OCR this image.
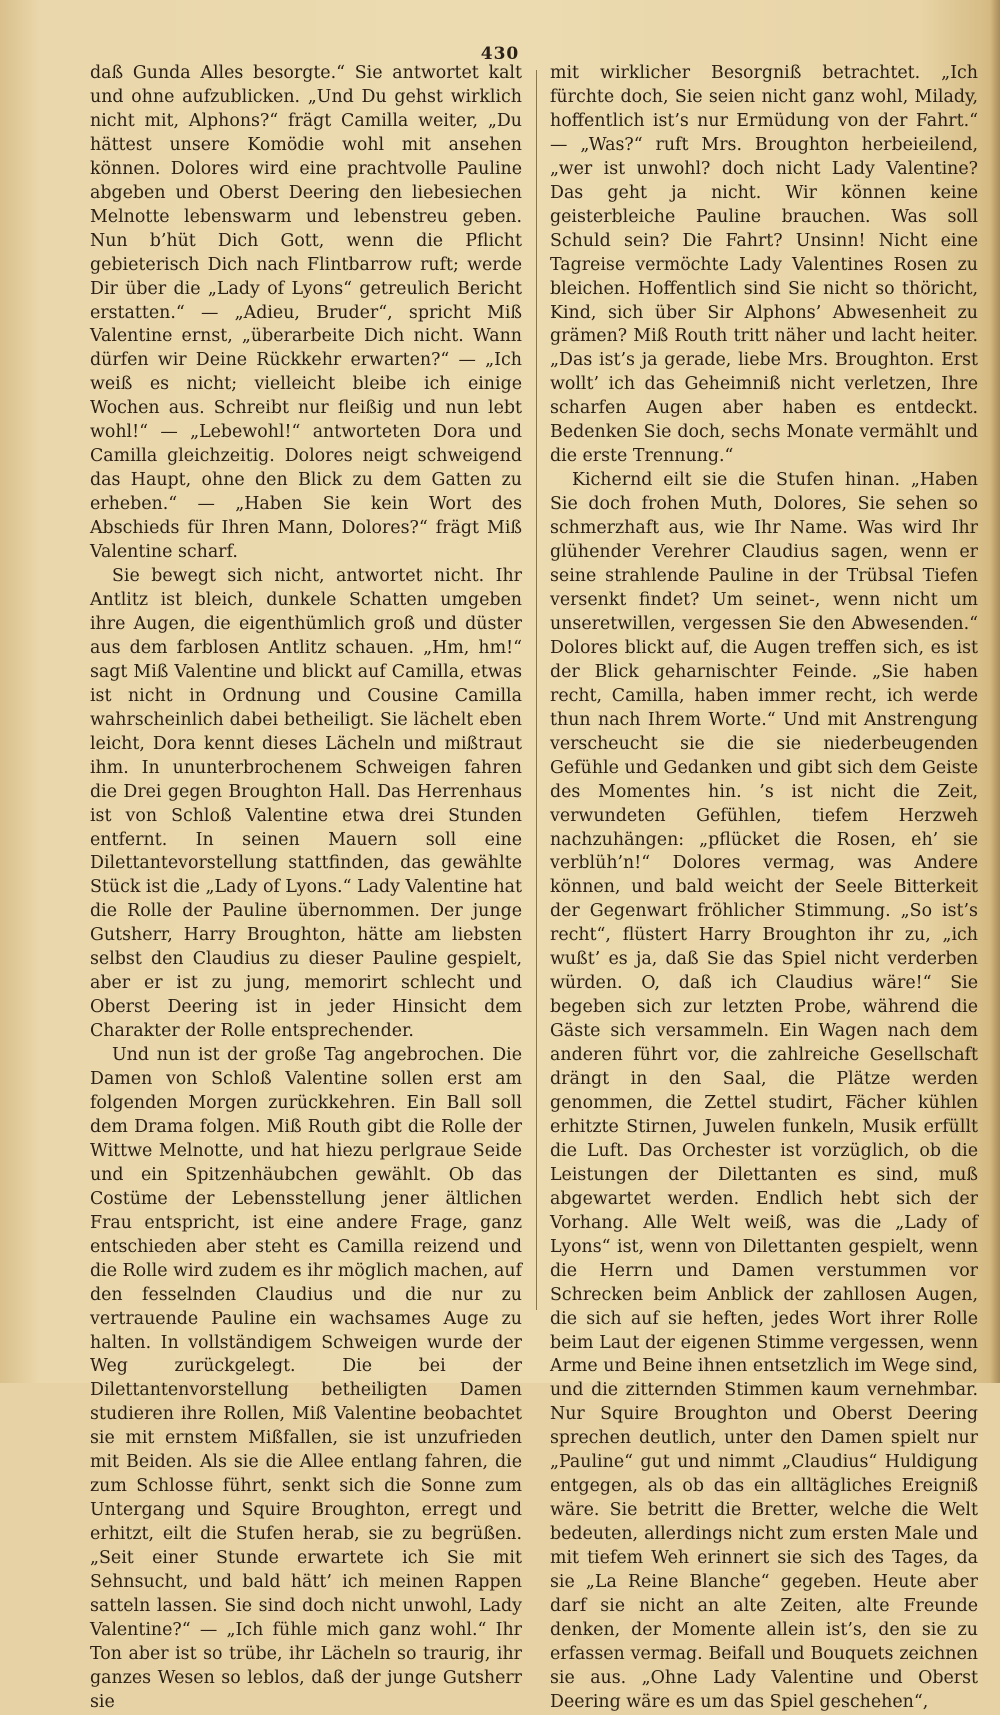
430

daß Gunda Alles besorgte.“ Sie antwortet kalt und ohne aufzublicken. „Und Du gehst wirklich nicht mit, Alphons?“ frägt Camilla weiter, „Du hättest unsere Komödie wohl mit ansehen können. Dolores wird eine prachtvolle Pauline abgeben und Oberst Deering den liebesiechen Melnotte lebenswarm und lebenstreu geben. Nun b’hüt Dich Gott, wenn die Pflicht gebieterisch Dich nach Flintbarrow ruft; werde Dir über die „Lady of Lyons“ getreulich Bericht erstatten.“ — „Adieu, Bruder“, spricht Miß Valentine ernst, „überarbeite Dich nicht. Wann dürfen wir Deine Rückkehr erwarten?“ — „Ich weiß es nicht; vielleicht bleibe ich einige Wochen aus. Schreibt nur fleißig und nun lebt wohl!“ — „Lebewohl!“ antworteten Dora und Camilla gleichzeitig. Dolores neigt schweigend das Haupt, ohne den Blick zu dem Gatten zu erheben.“ — „Haben Sie kein Wort des Abschieds für Ihren Mann, Dolores?“ frägt Miß Valentine scharf.

Sie bewegt sich nicht, antwortet nicht. Ihr Antlitz ist bleich, dunkele Schatten umgeben ihre Augen, die eigenthümlich groß und düster aus dem farblosen Antlitz schauen. „Hm, hm!“ sagt Miß Valentine und blickt auf Camilla, etwas ist nicht in Ordnung und Cousine Camilla wahrscheinlich dabei betheiligt. Sie lächelt eben leicht, Dora kennt dieses Lächeln und mißtraut ihm. In ununterbrochenem Schweigen fahren die Drei gegen Broughton Hall. Das Herrenhaus ist von Schloß Valentine etwa drei Stunden entfernt. In seinen Mauern soll eine Dilettantevorstellung stattfinden, das gewählte Stück ist die „Lady of Lyons.“ Lady Valentine hat die Rolle der Pauline übernommen. Der junge Gutsherr, Harry Broughton, hätte am liebsten selbst den Claudius zu dieser Pauline gespielt, aber er ist zu jung, memorirt schlecht und Oberst Deering ist in jeder Hinsicht dem Charakter der Rolle entsprechender.

Und nun ist der große Tag angebrochen. Die Damen von Schloß Valentine sollen erst am folgenden Morgen zurückkehren. Ein Ball soll dem Drama folgen. Miß Routh gibt die Rolle der Wittwe Melnotte, und hat hiezu perlgraue Seide und ein Spitzenhäubchen gewählt. Ob das Costüme der Lebensstellung jener ältlichen Frau entspricht, ist eine andere Frage, ganz entschieden aber steht es Camilla reizend und die Rolle wird zudem es ihr möglich machen, auf den fesselnden Claudius und die nur zu vertrauende Pauline ein wachsames Auge zu halten. In vollständigem Schweigen wurde der Weg zurückgelegt. Die bei der Dilettantenvorstellung betheiligten Damen studieren ihre Rollen, Miß Valentine beobachtet sie mit ernstem Mißfallen, sie ist unzufrieden mit Beiden. Als sie die Allee entlang fahren, die zum Schlosse führt, senkt sich die Sonne zum Untergang und Squire Broughton, erregt und erhitzt, eilt die Stufen herab, sie zu begrüßen. „Seit einer Stunde erwartete ich Sie mit Sehnsucht, und bald hätt’ ich meinen Rappen satteln lassen. Sie sind doch nicht unwohl, Lady Valentine?“ — „Ich fühle mich ganz wohl.“ Ihr Ton aber ist so trübe, ihr Lächeln so traurig, ihr ganzes Wesen so leblos, daß der junge Gutsherr sie

mit wirklicher Besorgniß betrachtet. „Ich fürchte doch, Sie seien nicht ganz wohl, Milady, hoffentlich ist’s nur Ermüdung von der Fahrt.“ — „Was?“ ruft Mrs. Broughton herbeieilend, „wer ist unwohl? doch nicht Lady Valentine? Das geht ja nicht. Wir können keine geisterbleiche Pauline brauchen. Was soll Schuld sein? Die Fahrt? Unsinn! Nicht eine Tagreise vermöchte Lady Valentines Rosen zu bleichen. Hoffentlich sind Sie nicht so thöricht, Kind, sich über Sir Alphons’ Abwesenheit zu grämen? Miß Routh tritt näher und lacht heiter. „Das ist’s ja gerade, liebe Mrs. Broughton. Erst wollt’ ich das Geheimniß nicht verletzen, Ihre scharfen Augen aber haben es entdeckt. Bedenken Sie doch, sechs Monate vermählt und die erste Trennung.“

Kichernd eilt sie die Stufen hinan. „Haben Sie doch frohen Muth, Dolores, Sie sehen so schmerzhaft aus, wie Ihr Name. Was wird Ihr glühender Verehrer Claudius sagen, wenn er seine strahlende Pauline in der Trübsal Tiefen versenkt findet? Um seinet-, wenn nicht um unseretwillen, vergessen Sie den Abwesenden.“ Dolores blickt auf, die Augen treffen sich, es ist der Blick geharnischter Feinde. „Sie haben recht, Camilla, haben immer recht, ich werde thun nach Ihrem Worte.“ Und mit Anstrengung verscheucht sie die sie niederbeugenden Gefühle und Gedanken und gibt sich dem Geiste des Momentes hin. ’s ist nicht die Zeit, verwundeten Gefühlen, tiefem Herzweh nachzuhängen: „pflücket die Rosen, eh’ sie verblüh’n!“ Dolores vermag, was Andere können, und bald weicht der Seele Bitterkeit der Gegenwart fröhlicher Stimmung. „So ist’s recht“, flüstert Harry Broughton ihr zu, „ich wußt’ es ja, daß Sie das Spiel nicht verderben würden. O, daß ich Claudius wäre!“ Sie begeben sich zur letzten Probe, während die Gäste sich versammeln. Ein Wagen nach dem anderen führt vor, die zahlreiche Gesellschaft drängt in den Saal, die Plätze werden genommen, die Zettel studirt, Fächer kühlen erhitzte Stirnen, Juwelen funkeln, Musik erfüllt die Luft. Das Orchester ist vorzüglich, ob die Leistungen der Dilettanten es sind, muß abgewartet werden. Endlich hebt sich der Vorhang. Alle Welt weiß, was die „Lady of Lyons“ ist, wenn von Dilettanten gespielt, wenn die Herrn und Damen verstummen vor Schrecken beim Anblick der zahllosen Augen, die sich auf sie heften, jedes Wort ihrer Rolle beim Laut der eigenen Stimme vergessen, wenn Arme und Beine ihnen entsetzlich im Wege sind, und die zitternden Stimmen kaum vernehmbar. Nur Squire Broughton und Oberst Deering sprechen deutlich, unter den Damen spielt nur „Pauline“ gut und nimmt „Claudius“ Huldigung entgegen, als ob das ein alltägliches Ereigniß wäre. Sie betritt die Bretter, welche die Welt bedeuten, allerdings nicht zum ersten Male und mit tiefem Weh erinnert sie sich des Tages, da sie „La Reine Blanche“ gegeben. Heute aber darf sie nicht an alte Zeiten, alte Freunde denken, der Momente allein ist’s, den sie zu erfassen vermag. Beifall und Bouquets zeichnen sie aus. „Ohne Lady Valentine und Oberst Deering wäre es um das Spiel geschehen“,
